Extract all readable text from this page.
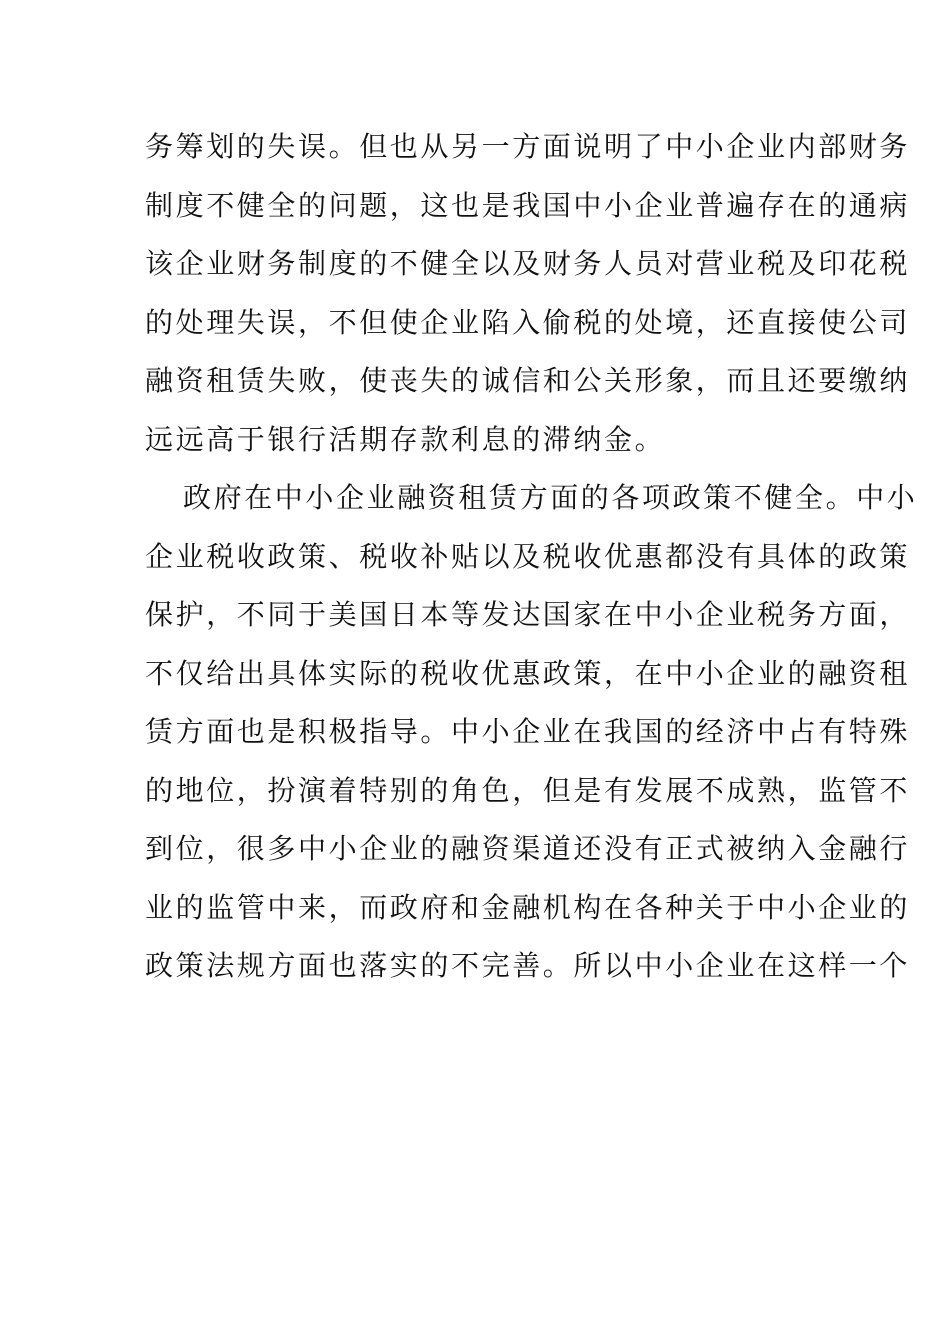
务筹划的失误。但也从另一方面说明了中小企业内部财务
制度不健全的问题，这也是我国中小企业普遍存在的通病
该企业财务制度的不健全以及财务人员对营业税及印花税
的处理失误，不但使企业陷入偷税的处境，还直接使公司
融资租赁失败，使丧失的诚信和公关形象，而且还要缴纳
远远高于银行活期存款利息的滞纳金。
政府在中小企业融资租赁方面的各项政策不健全。中小
企业税收政策、税收补贴以及税收优惠都没有具体的政策
保护，不同于美国日本等发达国家在中小企业税务方面，
不仅给出具体实际的税收优惠政策，在中小企业的融资租
赁方面也是积极指导。中小企业在我国的经济中占有特殊
的地位，扮演着特别的角色，但是有发展不成熟，监管不
到位，很多中小企业的融资渠道还没有正式被纳入金融行
业的监管中来，而政府和金融机构在各种关于中小企业的
政策法规方面也落实的不完善。所以中小企业在这样一个
